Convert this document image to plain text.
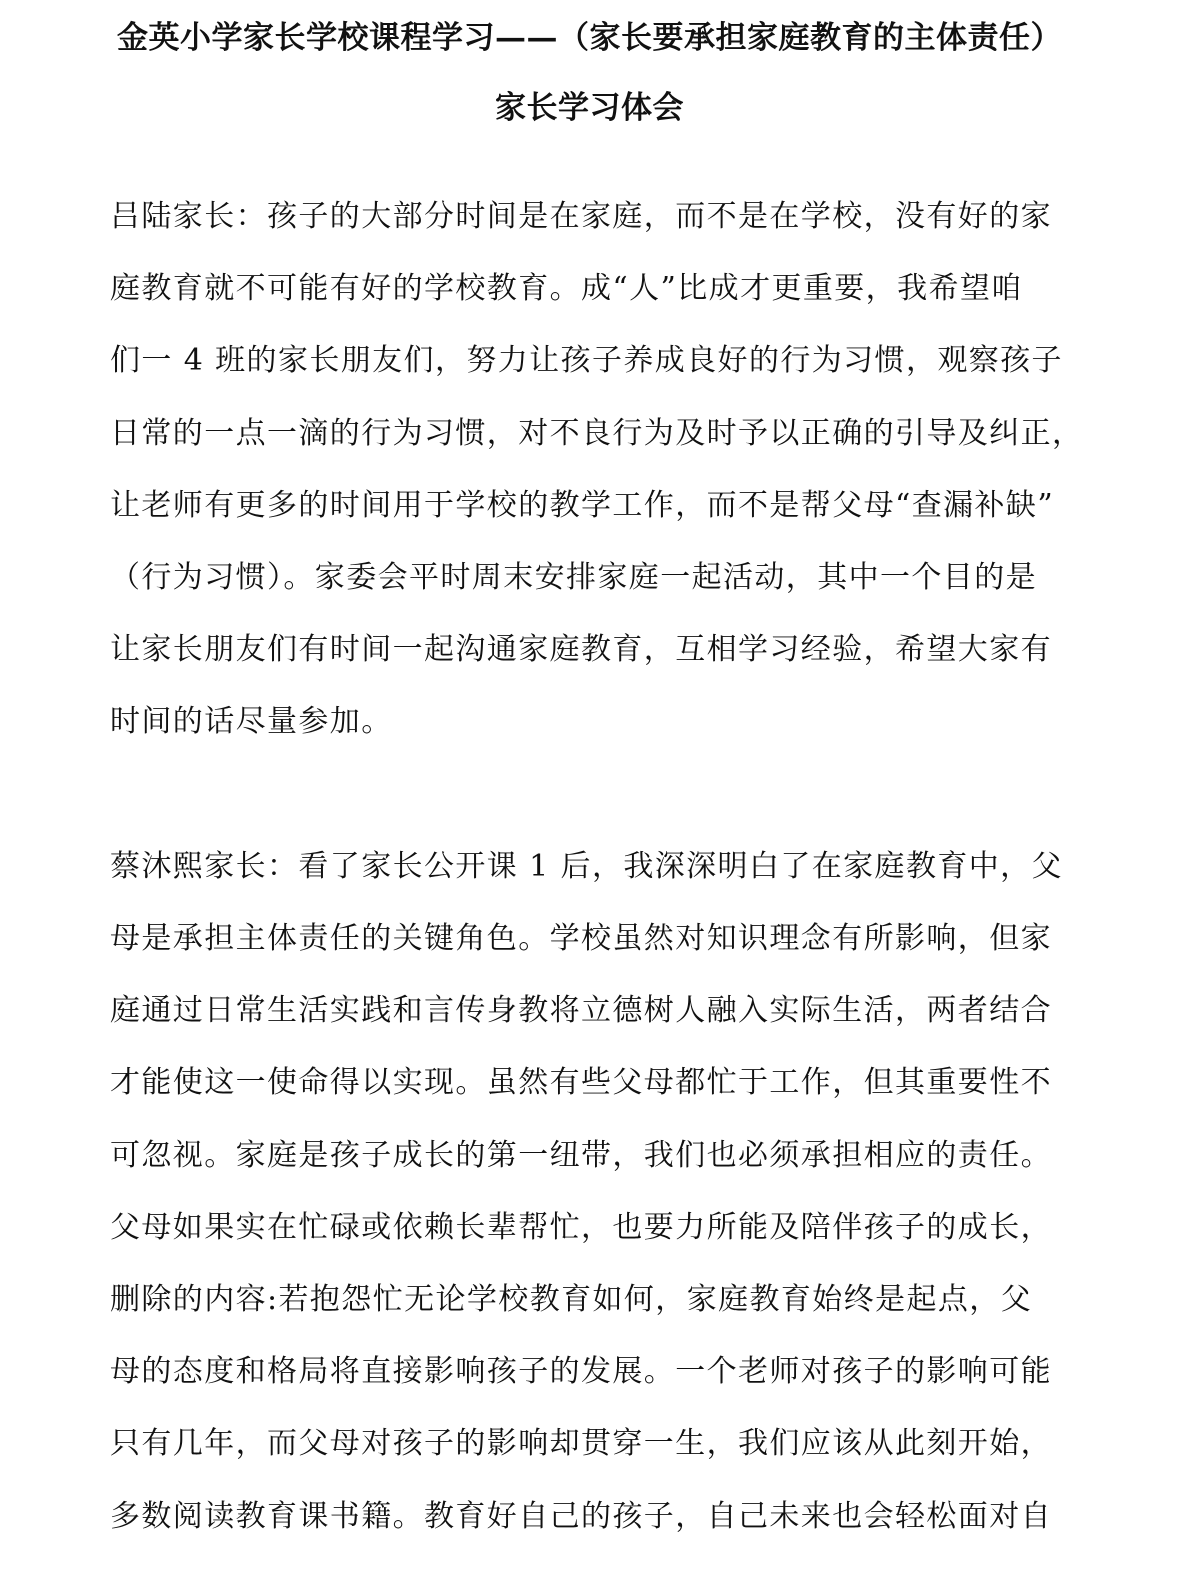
金英小学家长学校课程学习——（家长要承担家庭教育的主体责任）
家长学习体会
吕陆家长：孩子的大部分时间是在家庭，而不是在学校，没有好的家
庭教育就不可能有好的学校教育。成“人”比成才更重要，我希望咱
们一 4 班的家长朋友们，努力让孩子养成良好的行为习惯，观察孩子
日常的一点一滴的行为习惯，对不良行为及时予以正确的引导及纠正，
让老师有更多的时间用于学校的教学工作，而不是帮父母“查漏补缺”
（行为习惯）。家委会平时周末安排家庭一起活动，其中一个目的是
让家长朋友们有时间一起沟通家庭教育，互相学习经验，希望大家有
时间的话尽量参加。
蔡沐熙家长：看了家长公开课 1 后，我深深明白了在家庭教育中，父
母是承担主体责任的关键角色。学校虽然对知识理念有所影响，但家
庭通过日常生活实践和言传身教将立德树人融入实际生活，两者结合
才能使这一使命得以实现。虽然有些父母都忙于工作，但其重要性不
可忽视。家庭是孩子成长的第一纽带，我们也必须承担相应的责任。
父母如果实在忙碌或依赖长辈帮忙，也要力所能及陪伴孩子的成长，
删除的内容:若抱怨忙无论学校教育如何，家庭教育始终是起点，父
母的态度和格局将直接影响孩子的发展。一个老师对孩子的影响可能
只有几年，而父母对孩子的影响却贯穿一生，我们应该从此刻开始，
多数阅读教育课书籍。教育好自己的孩子，自己未来也会轻松面对自
